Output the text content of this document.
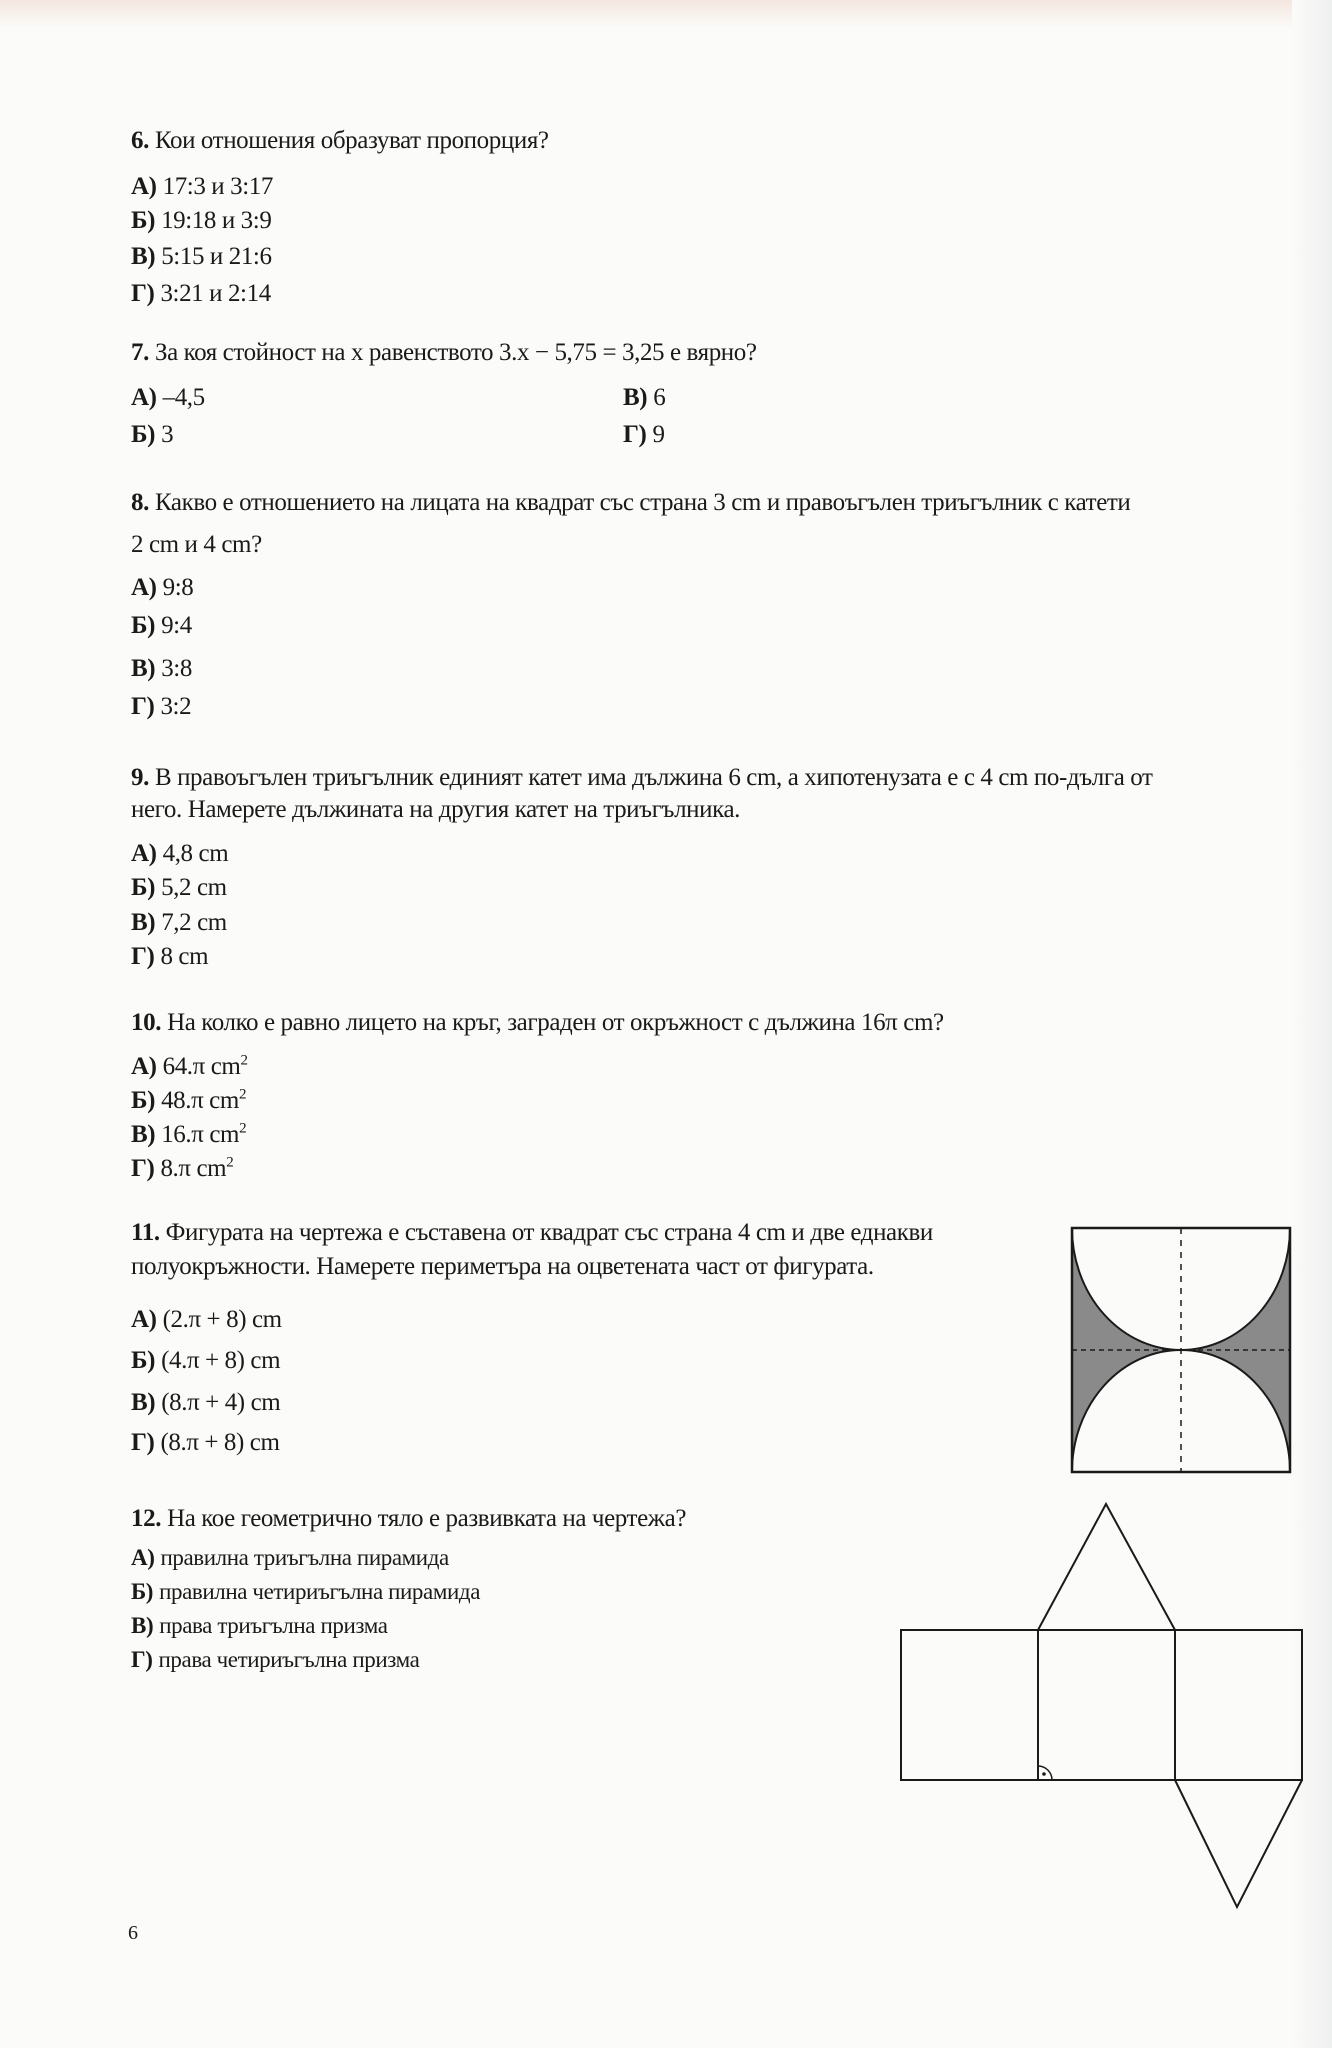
6. Кои отношения образуват пропорция?
А) 17:3 и 3:17
Б) 19:18 и 3:9
В) 5:15 и 21:6
Г) 3:21 и 2:14
7. За коя стойност на x равенството 3.x − 5,75 = 3,25 е вярно?
А) –4,5
Б) 3
В) 6
Г) 9
8. Какво е отношението на лицата на квадрат със страна 3 cm и правоъгълен триъгълник с катети
2 cm и 4 cm?
А) 9:8
Б) 9:4
В) 3:8
Г) 3:2
9. В правоъгълен триъгълник единият катет има дължина 6 cm, а хипотенузата е с 4 cm по-дълга от
него. Намерете дължината на другия катет на триъгълника.
А) 4,8 cm
Б) 5,2 cm
В) 7,2 cm
Г) 8 cm
10. На колко е равно лицето на кръг, заграден от окръжност с дължина 16π cm?
А) 64.π $cm^2$
Б) 48.π $cm^2$
В) 16.π $cm^2$
Г) 8.π $cm^2$
11. Фигурата на чертежа е съставена от квадрат със страна 4 cm и две еднакви
полуокръжности. Намерете периметъра на оцветената част от фигурата.
А) (2.π + 8) cm
Б) (4.π + 8) cm
В) (8.π + 4) cm
Г) (8.π + 8) cm
12. На кое геометрично тяло е развивката на чертежа?
А) правилна триъгълна пирамида
Б) правилна четириъгълна пирамида
В) права триъгълна призма
Г) права четириъгълна призма
6
